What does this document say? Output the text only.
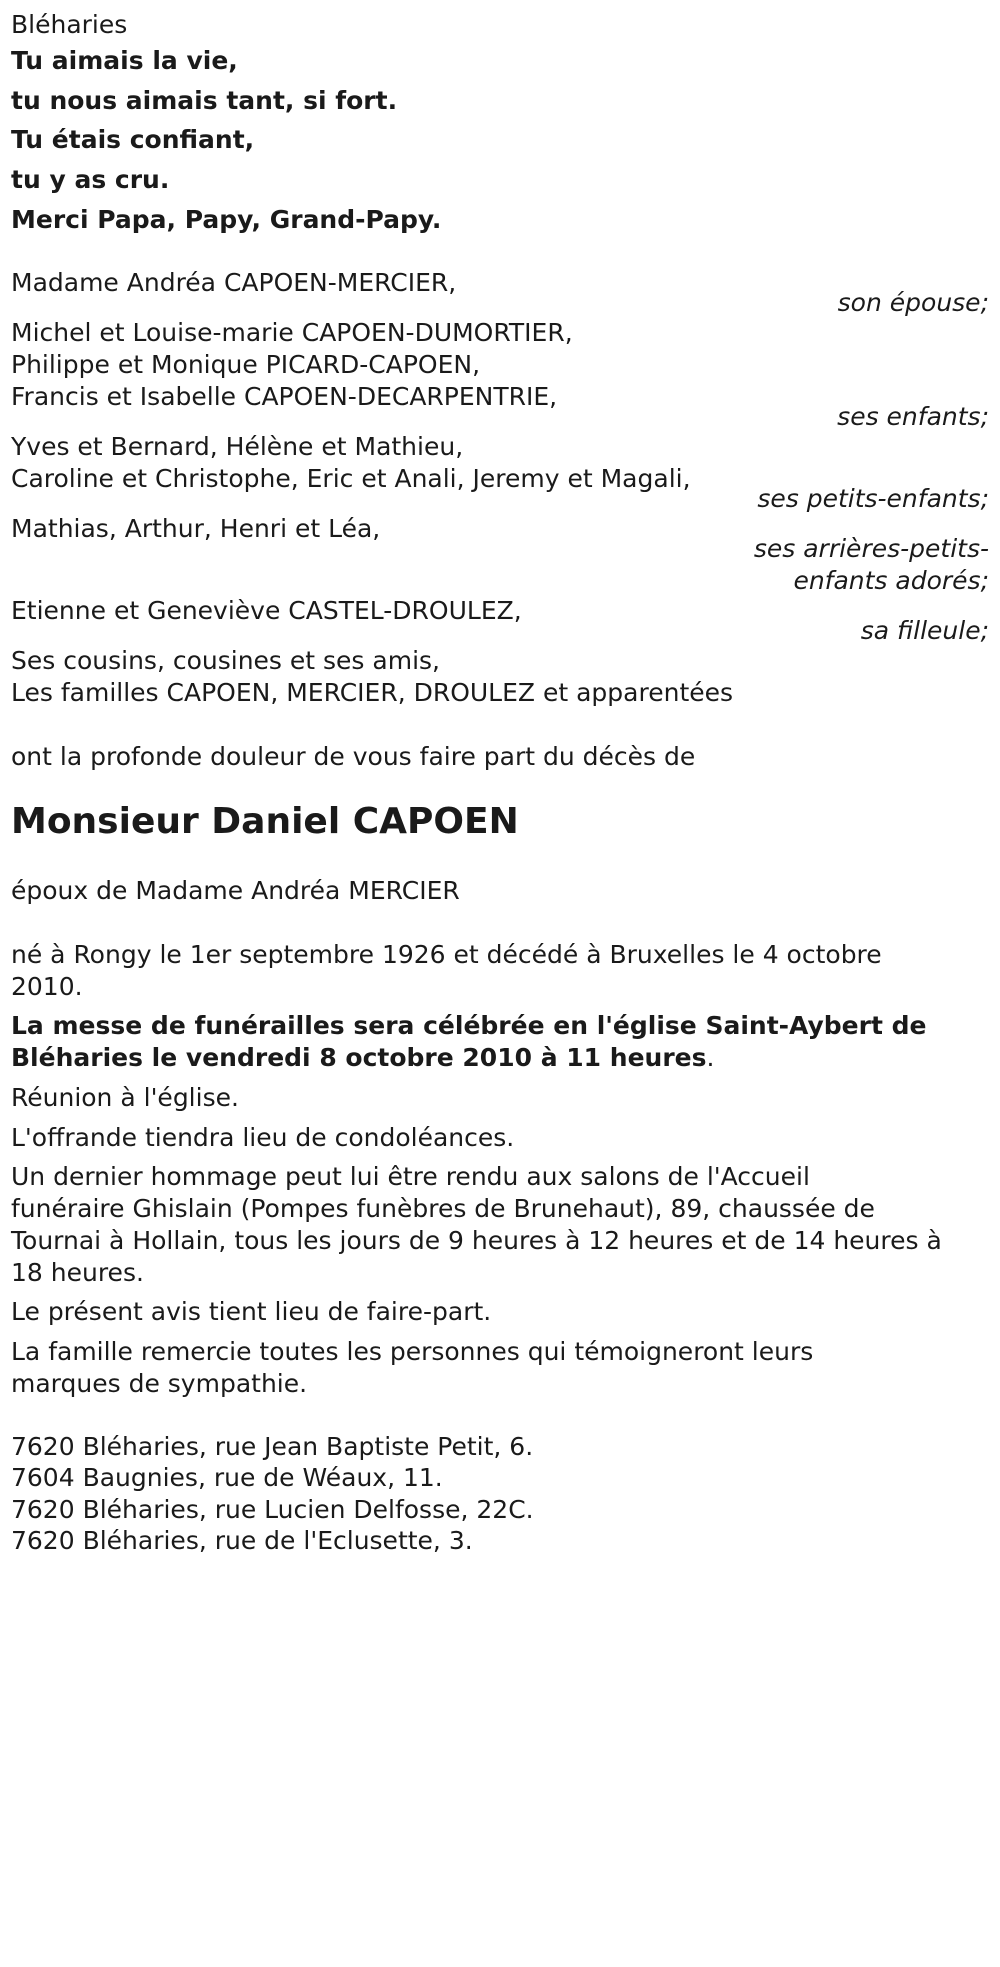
Bléharies
Tu aimais la vie,
tu nous aimais tant, si fort.
Tu étais confiant,
tu y as cru.
Merci Papa, Papy, Grand-Papy.
Madame Andréa CAPOEN-MERCIER,
son épouse;
Michel et Louise-marie CAPOEN-DUMORTIER,
Philippe et Monique PICARD-CAPOEN,
Francis et Isabelle CAPOEN-DECARPENTRIE,
ses enfants;
Yves et Bernard, Hélène et Mathieu,
Caroline et Christophe, Eric et Anali, Jeremy et Magali,
ses petits-enfants;
Mathias, Arthur, Henri et Léa,
ses arrières-petits-
enfants adorés;
Etienne et Geneviève CASTEL-DROULEZ,
sa filleule;
Ses cousins, cousines et ses amis,
Les familles CAPOEN, MERCIER, DROULEZ et apparentées
ont la profonde douleur de vous faire part du décès de
Monsieur Daniel CAPOEN
époux de Madame Andréa MERCIER
né à Rongy le 1er septembre 1926 et décédé à Bruxelles le 4 octobre
2010.
La messe de funérailles sera célébrée en l'église Saint-Aybert de
Bléharies le vendredi 8 octobre 2010 à 11 heures.
Réunion à l'église.
L'offrande tiendra lieu de condoléances.
Un dernier hommage peut lui être rendu aux salons de l'Accueil
funéraire Ghislain (Pompes funèbres de Brunehaut), 89, chaussée de
Tournai à Hollain, tous les jours de 9 heures à 12 heures et de 14 heures à
18 heures.
Le présent avis tient lieu de faire-part.
La famille remercie toutes les personnes qui témoigneront leurs
marques de sympathie.
7620 Bléharies, rue Jean Baptiste Petit, 6.
7604 Baugnies, rue de Wéaux, 11.
7620 Bléharies, rue Lucien Delfosse, 22C.
7620 Bléharies, rue de l'Eclusette, 3.
